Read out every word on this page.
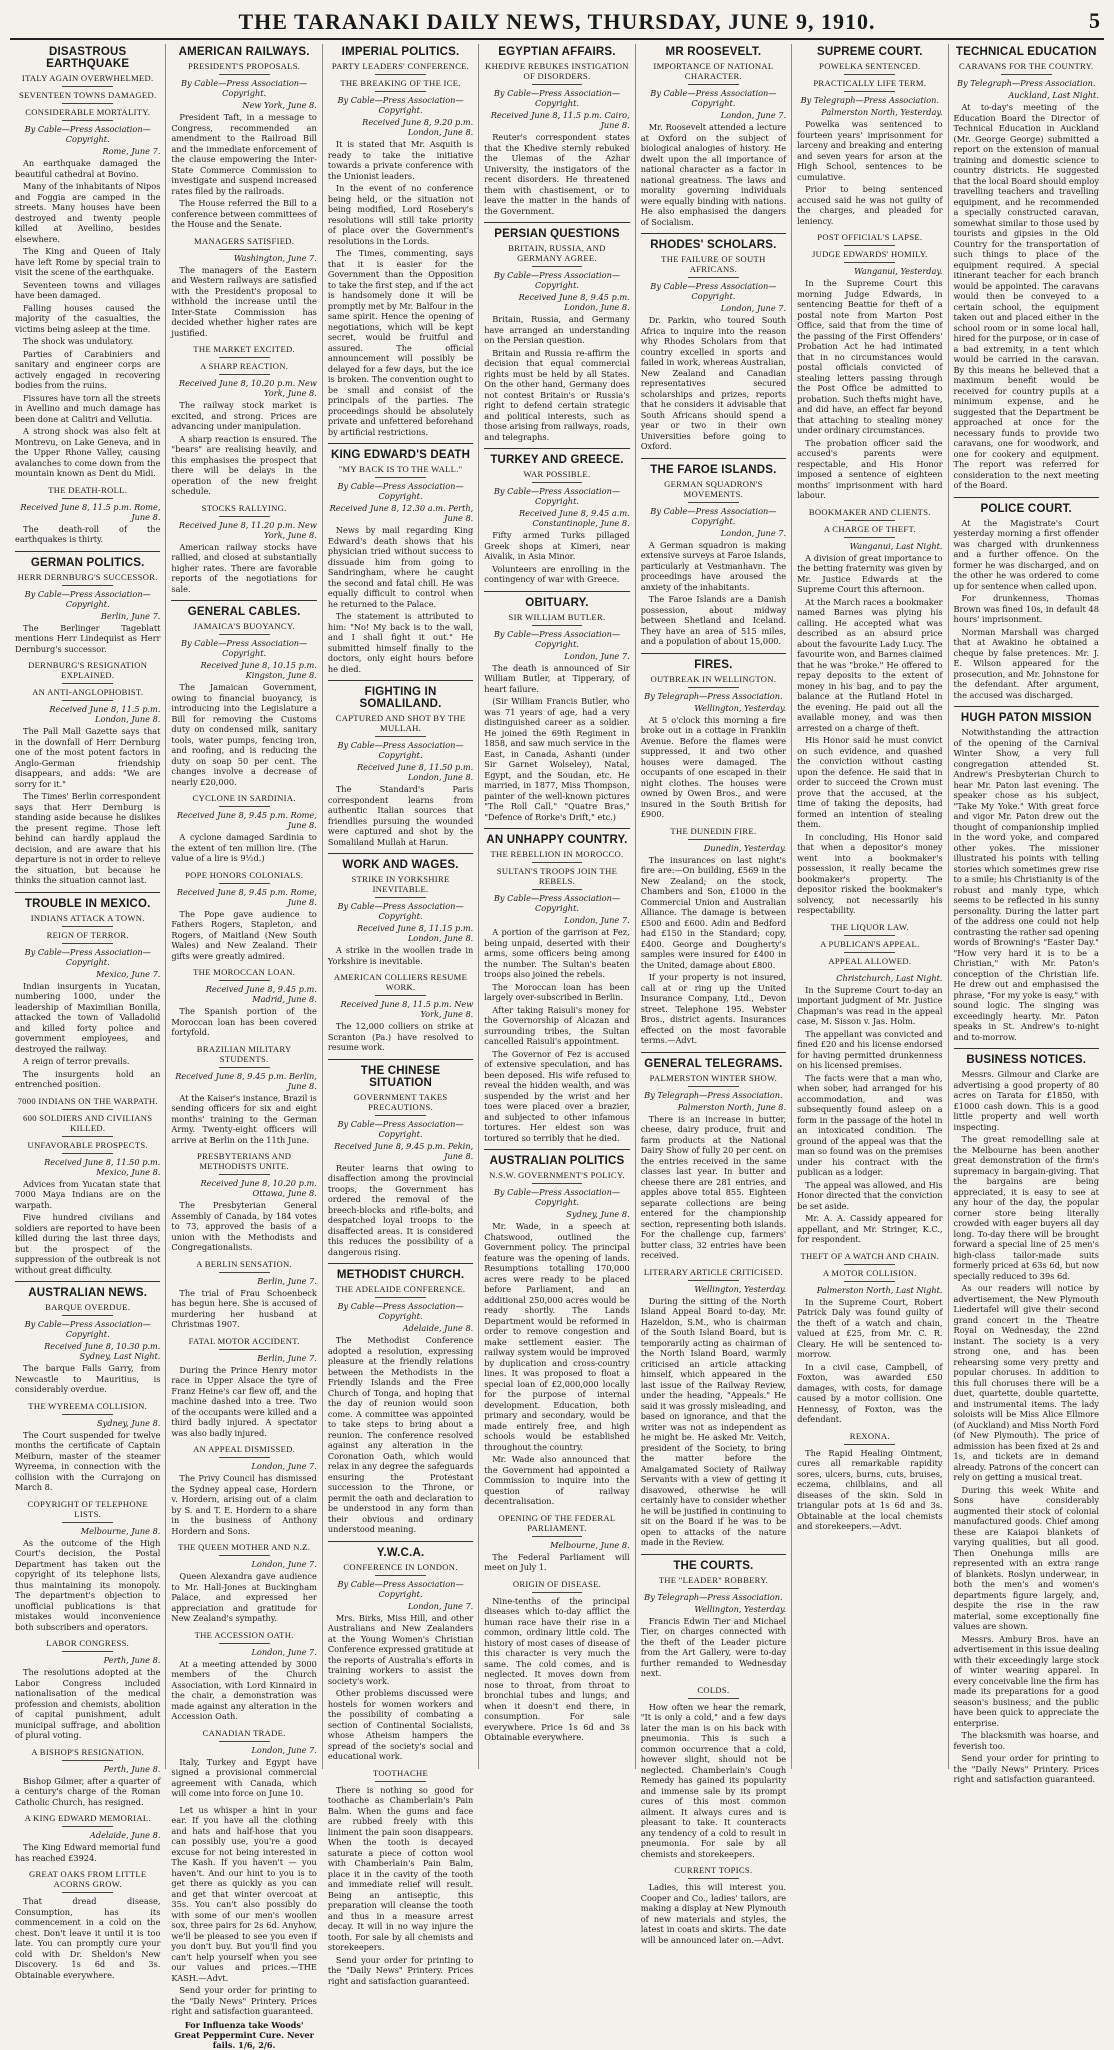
THE TARANAKI DAILY NEWS, THURSDAY, JUNE 9, 1910.	5
DISASTROUS EARTHQUAKE
ITALY AGAIN OVERWHELMED.
SEVENTEEN TOWNS DAMAGED.
CONSIDERABLE MORTALITY.
By Cable—Press Association—Copyright.
Rome, June 7.

An earthquake damaged the beautiful cathedral at Bovino.

Many of the inhabitants of Nipos and Foggia are camped in the streets. Many houses have been destroyed and twenty people killed at Avellino, besides elsewhere.

The King and Queen of Italy have left Rome by special train to visit the scene of the earthquake.

Seventeen towns and villages have been damaged.

Falling houses caused the majority of the casualties, the victims being asleep at the time.

The shock was undulatory.

Parties of Carabiniers and sanitary and engineer corps are actively engaged in recovering bodies from the ruins.

Fissures have torn all the streets in Avellino and much damage has been done at Calitri and Vellutia.

A strong shock was also felt at Montrevu, on Lake Geneva, and in the Upper Rhone Valley, causing avalanches to come down from the mountain known as Dent du Midi.

THE DEATH-ROLL.
Received June 8, 11.5 p.m. Rome, June 8.

The death-roll of the earthquakes is thirty.

GERMAN POLITICS.
HERR DERNBURG'S SUCCESSOR.
By Cable—Press Association—Copyright.
Berlin, June 7.

The Berlinger Tageblatt mentions Herr Lindequist as Herr Dernburg's successor.

DERNBURG'S RESIGNATION EXPLAINED.
AN ANTI-ANGLOPHOBIST.
Received June 8, 11.5 p.m. London, June 8.

The Pall Mall Gazette says that in the downfall of Herr Dernburg one of the most potent factors in Anglo-German friendship disappears, and adds: "We are sorry for it."

The Times' Berlin correspondent says that Herr Dernburg is standing aside because he dislikes the present regime. Those left behind can hardly applaud the decision, and are aware that his departure is not in order to relieve the situation, but because he thinks the situation cannot last.

TROUBLE IN MEXICO.
INDIANS ATTACK A TOWN.
REIGN OF TERROR.
By Cable—Press Association—Copyright.
Mexico, June 7.

Indian insurgents in Yucatan, numbering 1000, under the leadership of Maximilian Bonilla, attacked the town of Valladolid and killed forty police and government employees, and destroyed the railway.

A reign of terror prevails.

The insurgents hold an entrenched position.

7000 INDIANS ON THE WARPATH.
600 SOLDIERS AND CIVILIANS KILLED.
UNFAVORABLE PROSPECTS.
Received June 8, 11.50 p.m. Mexico, June 8.

Advices from Yucatan state that 7000 Maya Indians are on the warpath.

Five hundred civilians and soldiers are reported to have been killed during the last three days, but the prospect of the suppression of the outbreak is not without great difficulty.

AUSTRALIAN NEWS.
BARQUE OVERDUE.
By Cable—Press Association—Copyright.
Received June 8, 10.30 p.m. Sydney, Last Night.

The barque Falls Garry, from Newcastle to Mauritius, is considerably overdue.

THE WYREEMA COLLISION.
Sydney, June 8.

The Court suspended for twelve months the certificate of Captain Meiburn, master of the steamer Wyreema, in connection with the collision with the Currajong on March 8.

COPYRIGHT OF TELEPHONE LISTS.
Melbourne, June 8.

As the outcome of the High Court's decision, the Postal Department has taken out the copyright of its telephone lists, thus maintaining its monopoly. The department's objection to unofficial publications is that mistakes would inconvenience both subscribers and operators.

LABOR CONGRESS.
Perth, June 8.

The resolutions adopted at the Labor Congress included nationalisation of the medical profession and chemists, abolition of capital punishment, adult municipal suffrage, and abolition of plural voting.

A BISHOP'S RESIGNATION.
Perth, June 8.

Bishop Gilmer, after a quarter of a century's charge of the Roman Catholic Church, has resigned.

A KING EDWARD MEMORIAL.
Adelaide, June 8.

The King Edward memorial fund has reached £3924.

GREAT OAKS FROM LITTLE ACORNS GROW.

That dread disease, Consumption, has its commencement in a cold on the chest. Don't leave it until it is too late. You can promptly cure your cold with Dr. Sheldon's New Discovery. 1s 6d and 3s. Obtainable everywhere.

AMERICAN RAILWAYS.
PRESIDENT'S PROPOSALS.
By Cable—Press Association—Copyright.
New York, June 8.

President Taft, in a message to Congress, recommended an amendment to the Railroad Bill and the immediate enforcement of the clause empowering the Inter-State Commerce Commission to investigate and suspend increased rates filed by the railroads.

The House referred the Bill to a conference between committees of the House and the Senate.

MANAGERS SATISFIED.
Washington, June 7.

The managers of the Eastern and Western railways are satisfied with the President's proposal to withhold the increase until the Inter-State Commission has decided whether higher rates are justified.

THE MARKET EXCITED.
A SHARP REACTION.
Received June 8, 10.20 p.m. New York, June 8.

The railway stock market is excited, and strong. Prices are advancing under manipulation.

A sharp reaction is ensured. The "bears" are realising heavily, and this emphasises the prospect that there will be delays in the operation of the new freight schedule.

STOCKS RALLYING.
Received June 8, 11.20 p.m. New York, June 8.

American railway stocks have rallied, and closed at substantially higher rates. There are favorable reports of the negotiations for sale.

GENERAL CABLES.
JAMAICA'S BUOYANCY.
By Cable—Press Association—Copyright.
Received June 8, 10.15 p.m. Kingston, June 8.

The Jamaican Government, owing to financial buoyancy, is introducing into the Legislature a Bill for removing the Customs duty on condensed milk, sanitary tools, water pumps, fencing iron, and roofing, and is reducing the duty on soap 50 per cent. The changes involve a decrease of nearly £20,000.

CYCLONE IN SARDINIA.
Received June 8, 9.45 p.m. Rome, June 8.

A cyclone damaged Sardinia to the extent of ten million lire. (The value of a lire is 9½d.)

POPE HONORS COLONIALS.
Received June 8, 9.45 p.m. Rome, June 8.

The Pope gave audience to Fathers Rogers, Stapleton, and Rogers, of Maitland (New South Wales) and New Zealand. Their gifts were greatly admired.

THE MOROCCAN LOAN.
Received June 8, 9.45 p.m. Madrid, June 8.

The Spanish portion of the Moroccan loan has been covered fortyfold.

BRAZILIAN MILITARY STUDENTS.
Received June 8, 9.45 p.m. Berlin, June 8.

At the Kaiser's instance, Brazil is sending officers for six and eight months' training to the German Army. Twenty-eight officers will arrive at Berlin on the 11th June.

PRESBYTERIANS AND METHODISTS UNITE.
Received June 8, 10.20 p.m. Ottawa, June 8.

The Presbyterian General Assembly of Canada, by 184 votes to 73, approved the basis of a union with the Methodists and Congregationalists.

A BERLIN SENSATION.
Berlin, June 7.

The trial of Frau Schoenbeck has begun here. She is accused of murdering her husband at Christmas 1907.

FATAL MOTOR ACCIDENT.
Berlin, June 7.

During the Prince Henry motor race in Upper Alsace the tyre of Franz Heine's car flew off, and the machine dashed into a tree. Two of the occupants were killed and a third badly injured. A spectator was also badly injured.

AN APPEAL DISMISSED.
London, June 7.

The Privy Council has dismissed the Sydney appeal case, Hordern v. Hordern, arising out of a claim by S. and T. E. Hordern to a share in the business of Anthony Hordern and Sons.

THE QUEEN MOTHER AND N.Z.
London, June 7.

Queen Alexandra gave audience to Mr. Hall-Jones at Buckingham Palace, and expressed her appreciation and gratitude for New Zealand's sympathy.

THE ACCESSION OATH.
London, June 7.

At a meeting attended by 3000 members of the Church Association, with Lord Kinnaird in the chair, a demonstration was made against any alteration in the Accession Oath.

CANADIAN TRADE.
London, June 7.

Italy, Turkey and Egypt have signed a provisional commercial agreement with Canada, which will come into force on June 10.

Let us whisper a hint in your ear. If you have all the clothing and hats and half-hose that you can possibly use, you're a good excuse for not being interested in The Kash. If you haven't — you haven't. And our hint to you is to get there as quickly as you can and get that winter overcoat at 35s. You can't also possibly do with some of our men's woollen sox, three pairs for 2s 6d. Anyhow, we'll be pleased to see you even if you don't buy. But you'll find you can't help yourself when you see our values and prices.—THE KASH.—Advt.

Send your order for printing to the "Daily News" Printery. Prices right and satisfaction guaranteed.

For Influenza take Woods' Great Peppermint Cure. Never fails. 1/6, 2/6.
IMPERIAL POLITICS.
PARTY LEADERS' CONFERENCE.
THE BREAKING OF THE ICE.
By Cable—Press Association—Copyright.
Received June 8, 9.20 p.m. London, June 8.

It is stated that Mr. Asquith is ready to take the initiative towards a private conference with the Unionist leaders.

In the event of no conference being held, or the situation not being modified, Lord Rosebery's resolutions will still take priority of place over the Government's resolutions in the Lords.

The Times, commenting, says that it is easier for the Government than the Opposition to take the first step, and if the act is handsomely done it will be promptly met by Mr. Balfour in the same spirit. Hence the opening of negotiations, which will be kept secret, would be fruitful and assured. The official announcement will possibly be delayed for a few days, but the ice is broken. The convention ought to be small and consist of the principals of the parties. The proceedings should be absolutely private and unfettered beforehand by artificial restrictions.

KING EDWARD'S DEATH
"MY BACK IS TO THE WALL."
By Cable—Press Association—Copyright.
Received June 8, 12.30 a.m. Perth, June 8.

News by mail regarding King Edward's death shows that his physician tried without success to dissuade him from going to Sandringham, where he caught the second and fatal chill. He was equally difficult to control when he returned to the Palace.

The statement is attributed to him: "No! My back is to the wall, and I shall fight it out." He submitted himself finally to the doctors, only eight hours before he died.

FIGHTING IN SOMALILAND.
CAPTURED AND SHOT BY THE MULLAH.
By Cable—Press Association—Copyright.
Received June 8, 11.50 p.m. London, June 8.

The Standard's Paris correspondent learns from authentic Italian sources that friendlies pursuing the wounded were captured and shot by the Somaliland Mullah at Harun.

WORK AND WAGES.
STRIKE IN YORKSHIRE INEVITABLE.
By Cable—Press Association—Copyright.
Received June 8, 11.15 p.m. London, June 8.

A strike in the woollen trade in Yorkshire is inevitable.

AMERICAN COLLIERS RESUME WORK.
Received June 8, 11.5 p.m. New York, June 8.

The 12,000 colliers on strike at Scranton (Pa.) have resolved to resume work.

THE CHINESE SITUATION
GOVERNMENT TAKES PRECAUTIONS.
By Cable—Press Association—Copyright.
Received June 8, 9.45 p.m. Pekin, June 8.

Reuter learns that owing to disaffection among the provincial troops, the Government has ordered the removal of the breech-blocks and rifle-bolts, and despatched loyal troops to the disaffected areas. It is considered this reduces the possibility of a dangerous rising.

METHODIST CHURCH.
THE ADELAIDE CONFERENCE.
By Cable—Press Association—Copyright.
Adelaide, June 8.

The Methodist Conference adopted a resolution, expressing pleasure at the friendly relations between the Methodists in the Friendly Islands and the Free Church of Tonga, and hoping that the day of reunion would soon come. A committee was appointed to take steps to bring about a reunion. The conference resolved against any alteration in the Coronation Oath, which would relax in any degree the safeguards ensuring the Protestant succession to the Throne, or permit the oath and declaration to be understood in any form than their obvious and ordinary understood meaning.

Y.W.C.A.
CONFERENCE IN LONDON.
By Cable—Press Association—Copyright.
London, June 7.

Mrs. Birks, Miss Hill, and other Australians and New Zealanders at the Young Women's Christian Conference expressed gratitude at the reports of Australia's efforts in training workers to assist the society's work.

Other problems discussed were hostels for women workers and the possibility of combating a section of Continental Socialists, whose Atheism hampers the spread of the society's social and educational work.

TOOTHACHE

There is nothing so good for toothache as Chamberlain's Pain Balm. When the gums and face are rubbed freely with this liniment the pain soon disappears. When the tooth is decayed saturate a piece of cotton wool with Chamberlain's Pain Balm, place it in the cavity of the tooth and immediate relief will result. Being an antiseptic, this preparation will cleanse the tooth and thus in a measure arrest decay. It will in no way injure the tooth. For sale by all chemists and storekeepers.

Send your order for printing to the "Daily News" Printery. Prices right and satisfaction guaranteed.

EGYPTIAN AFFAIRS.
KHEDIVE REBUKES INSTIGATION OF DISORDERS.
By Cable—Press Association—Copyright.
Received June 8, 11.5 p.m. Cairo, June 8.

Reuter's correspondent states that the Khedive sternly rebuked the Ulemas of the Azhar University, the instigators of the recent disorders. He threatened them with chastisement, or to leave the matter in the hands of the Government.

PERSIAN QUESTIONS
BRITAIN, RUSSIA, AND GERMANY AGREE.
By Cable—Press Association—Copyright.
Received June 8, 9.45 p.m. London, June 8.

Britain, Russia, and Germany have arranged an understanding on the Persian question.

Britain and Russia re-affirm the decision that equal commercial rights must be held by all States. On the other hand, Germany does not contest Britain's or Russia's right to defend certain strategic and political interests, such as those arising from railways, roads, and telegraphs.

TURKEY AND GREECE.
WAR POSSIBLE.
By Cable—Press Association—Copyright.
Received June 8, 9.45 a.m. Constantinople, June 8.

Fifty armed Turks pillaged Greek shops at Kimeri, near Aivalik, in Asia Minor.

Volunteers are enrolling in the contingency of war with Greece.

OBITUARY.
SIR WILLIAM BUTLER.
By Cable—Press Association—Copyright.
London, June 7.

The death is announced of Sir William Butler, at Tipperary, of heart failure.

(Sir William Francis Butler, who was 71 years of age, had a very distinguished career as a soldier. He joined the 69th Regiment in 1858, and saw much service in the East, in Canada, Ashanti (under Sir Garnet Wolseley), Natal, Egypt, and the Soudan, etc. He married, in 1877, Miss Thompson, painter of the well-known pictures "The Roll Call," "Quatre Bras," "Defence of Rorke's Drift," etc.)

AN UNHAPPY COUNTRY.
THE REBELLION IN MOROCCO.
SULTAN'S TROOPS JOIN THE REBELS.
By Cable—Press Association—Copyright.
London, June 7.

A portion of the garrison at Fez, being unpaid, deserted with their arms, some officers being among the number. The Sultan's beaten troops also joined the rebels.

The Moroccan loan has been largely over-subscribed in Berlin.

After taking Raisuli's money for the Governorship of Alcazan and surrounding tribes, the Sultan cancelled Raisuli's appointment.

The Governor of Fez is accused of extensive speculation, and has been deposed. His wife refused to reveal the hidden wealth, and was suspended by the wrist and her toes were placed over a brazier, and subjected to other infamous tortures. Her eldest son was tortured so terribly that he died.

AUSTRALIAN POLITICS
N.S.W. GOVERNMENT'S POLICY.
By Cable—Press Association—Copyright.
Sydney, June 8.

Mr. Wade, in a speech at Chatswood, outlined the Government policy. The principal feature was the opening of lands. Resumptions totalling 170,000 acres were ready to be placed before Parliament, and an additional 250,000 acres would be ready shortly. The Lands Department would be reformed in order to remove congestion and make settlement easier. The railway system would be improved by duplication and cross-country lines. It was proposed to float a special loan of £2,000,000 locally for the purpose of internal development. Education, both primary and secondary, would be made entirely free, and high schools would be established throughout the country.

Mr. Wade also announced that the Government had appointed a Commission to inquire into the question of railway decentralisation.

OPENING OF THE FEDERAL PARLIAMENT.
Melbourne, June 8.

The Federal Parliament will meet on July 1.

ORIGIN OF DISEASE.

Nine-tenths of the principal diseases which to-day afflict the human race have their rise in a common, ordinary little cold. The history of most cases of disease of this character is very much the same. The cold comes, and is neglected. It moves down from nose to throat, from throat to bronchial tubes and lungs, and when it doesn't end there, in consumption. For sale everywhere. Price 1s 6d and 3s Obtainable everywhere.

MR ROOSEVELT.
IMPORTANCE OF NATIONAL CHARACTER.
By Cable—Press Association—Copyright.
London, June 7.

Mr. Roosevelt attended a lecture at Oxford on the subject of biological analogies of history. He dwelt upon the all importance of national character as a factor in national greatness. The laws and morality governing individuals were equally binding with nations. He also emphasised the dangers of Socialism.

RHODES' SCHOLARS.
THE FAILURE OF SOUTH AFRICANS.
By Cable—Press Association—Copyright.
London, June 7.

Dr. Parkin, who toured South Africa to inquire into the reason why Rhodes Scholars from that country excelled in sports and failed in work, whereas Australian, New Zealand and Canadian representatives secured scholarships and prizes, reports that he considers it advisable that South Africans should spend a year or two in their own Universities before going to Oxford.

THE FAROE ISLANDS.
GERMAN SQUADRON'S MOVEMENTS.
By Cable—Press Association—Copyright.
London, June 7.

A German squadron is making extensive surveys at Faroe Islands, particularly at Vestmanhavn. The proceedings have aroused the anxiety of the inhabitants.

The Faroe Islands are a Danish possession, about midway between Shetland and Iceland. They have an area of 515 miles, and a population of about 15,000.

FIRES.
OUTBREAK IN WELLINGTON.
By Telegraph—Press Association.
Wellington, Yesterday.

At 5 o'clock this morning a fire broke out in a cottage in Franklin Avenue. Before the flames were suppressed, it and two other houses were damaged. The occupants of one escaped in their night clothes. The houses were owned by Owen Bros., and were insured in the South British for £900.

THE DUNEDIN FIRE.
Dunedin, Yesterday.

The insurances on last night's fire are:—On building, £569 in the New Zealand; on the stock, Chambers and Son, £1000 in the Commercial Union and Australian Alliance. The damage is between £500 and £600. Adin and Bedford had £150 in the Standard; copy, £400. George and Dougherty's samples were insured for £400 in the United, damage about £800.

If your property is not insured, call at or ring up the United Insurance Company, Ltd., Devon street. Telephone 195. Webster Bros., district agents. Insurances effected on the most favorable terms.—Advt.

GENERAL TELEGRAMS.
PALMERSTON WINTER SHOW.
By Telegraph—Press Association.
Palmerston North, June 8.

There is an increase in butter, cheese, dairy produce, fruit and farm products at the National Dairy Show of fully 20 per cent. on the entries received in the same classes last year. In butter and cheese there are 281 entries, and apples above total 855. Eighteen separate collections are being entered for the championship section, representing both islands. For the challenge cup, farmers' butter class, 32 entries have been received.

LITERARY ARTICLE CRITICISED.
Wellington, Yesterday.

During the sitting of the North Island Appeal Board to-day, Mr. Hazeldon, S.M., who is chairman of the South Island Board, but is temporarily acting as chairman of the North Island Board, warmly criticised an article attacking himself, which appeared in the last issue of the Railway Review, under the heading, "Appeals." He said it was grossly misleading, and based on ignorance, and that the writer was not as independent as he might be. He asked Mr. Veitch, president of the Society, to bring the matter before the Amalgamated Society of Railway Servants with a view of getting it disavowed, otherwise he will certainly have to consider whether he will be justified in continuing to sit on the Board if he was to be open to attacks of the nature made in the Review.

THE COURTS.
THE "LEADER" ROBBERY.
By Telegraph—Press Association.
Wellington, Yesterday.

Francis Edwin Tier and Michael Tier, on charges connected with the theft of the Leader picture from the Art Gallery, were to-day further remanded to Wednesday next.

COLDS.

How often we hear the remark, "It is only a cold," and a few days later the man is on his back with pneumonia. This is such a common occurrence that a cold, however slight, should not be neglected. Chamberlain's Cough Remedy has gained its popularity and immense sale by its prompt cures of this most common ailment. It always cures and is pleasant to take. It counteracts any tendency of a cold to result in pneumonia. For sale by all chemists and storekeepers.

CURRENT TOPICS.

Ladies, this will interest you. Cooper and Co., ladies' tailors, are making a display at New Plymouth of new materials and styles, the latest in coats and skirts. The date will be announced later on.—Advt.

SUPREME COURT.
POWELKA SENTENCED.
PRACTICALLY LIFE TERM.
By Telegraph—Press Association.
Palmerston North, Yesterday.

Powelka was sentenced to fourteen years' imprisonment for larceny and breaking and entering and seven years for arson at the High School, sentences to be cumulative.

Prior to being sentenced accused said he was not guilty of the charges, and pleaded for leniency.

POST OFFICIAL'S LAPSE.
JUDGE EDWARDS' HOMILY.
Wanganui, Yesterday.

In the Supreme Court this morning Judge Edwards, in sentencing Beattie for theft of a postal note from Marton Post Office, said that from the time of the passing of the First Offenders' Probation Act he had intimated that in no circumstances would postal officials convicted of stealing letters passing through the Post Office be admitted to probation. Such thefts might have, and did have, an effect far beyond that attaching to stealing money under ordinary circumstances.

The probation officer said the accused's parents were respectable, and His Honor imposed a sentence of eighteen months' imprisonment with hard labour.

BOOKMAKER AND CLIENTS.
A CHARGE OF THEFT.
Wanganui, Last Night.

A division of great importance to the betting fraternity was given by Mr. Justice Edwards at the Supreme Court this afternoon.

At the March races a bookmaker named Barnes was plying his calling. He accepted what was described as an absurd price about the favourite Lady Lucy. The favourite won, and Barnes claimed that he was "broke." He offered to repay deposits to the extent of money in his bag, and to pay the balance at the Rutland Hotel in the evening. He paid out all the available money, and was then arrested on a charge of theft.

His Honor said he must convict on such evidence, and quashed the conviction without casting upon the defence. He said that in order to succeed the Crown must prove that the accused, at the time of taking the deposits, had formed an intention of stealing them.

In concluding, His Honor said that when a depositor's money went into a bookmaker's possession, it really became the bookmaker's property. The depositor risked the bookmaker's solvency, not necessarily his respectability.

THE LIQUOR LAW.
A PUBLICAN'S APPEAL.
APPEAL ALLOWED.
Christchurch, Last Night.

In the Supreme Court to-day an important judgment of Mr. Justice Chapman's was read in the appeal case, M. Sisson v. Jas. Holm.

The appellant was convicted and fined £20 and his license endorsed for having permitted drunkenness on his licensed premises.

The facts were that a man who, when sober, had arranged for his accommodation, and was subsequently found asleep on a form in the passage of the hotel in an intoxicated condition. The ground of the appeal was that the man so found was on the premises under his contract with the publican as a lodger.

The appeal was allowed, and His Honor directed that the conviction be set aside.

Mr. A. A. Cassidy appeared for appellant, and Mr. Stringer, K.C., for respondent.

THEFT OF A WATCH AND CHAIN.
A MOTOR COLLISION.
Palmerston North, Last Night.

In the Supreme Court, Robert Patrick Daly was found guilty of the theft of a watch and chain, valued at £25, from Mr. C. R. Cleary. He will be sentenced to-morrow.

In a civil case, Campbell, of Foxton, was awarded £50 damages, with costs, for damage caused by a motor collision. One Hennessy, of Foxton, was the defendant.

REXONA.

The Rapid Healing Ointment, cures all remarkable rapidity sores, ulcers, burns, cuts, bruises, eczema, chilblains, and all diseases of the skin. Sold in triangular pots at 1s 6d and 3s. Obtainable at the local chemists and storekeepers.—Advt.

TECHNICAL EDUCATION
CARAVANS FOR THE COUNTRY.
By Telegraph—Press Association.
Auckland, Last Night.

At to-day's meeting of the Education Board the Director of Technical Education in Auckland (Mr. George George) submitted a report on the extension of manual training and domestic science to country districts. He suggested that the local Board should employ travelling teachers and travelling equipment, and he recommended a specially constructed caravan, somewhat similar to those used by tourists and gipsies in the Old Country for the transportation of such things to place of the equipment required. A special itinerant teacher for each branch would be appointed. The caravans would then be conveyed to a certain school, the equipment taken out and placed either in the school room or in some local hall, hired for the purpose, or in case of a bad extremity, in a tent which would be carried in the caravan. By this means he believed that a maximum benefit would be received for country pupils at a minimum expense, and he suggested that the Department be approached at once for the necessary funds to provide two caravans, one for woodwork, and one for cookery and equipment. The report was referred for consideration to the next meeting of the Board.

POLICE COURT.

At the Magistrate's Court yesterday morning a first offender was charged with drunkenness and a further offence. On the former he was discharged, and on the other he was ordered to come up for sentence when called upon.

For drunkenness, Thomas Brown was fined 10s, in default 48 hours' imprisonment.

Norman Marshall was charged that at Awakino he obtained a cheque by false pretences. Mr. J. E. Wilson appeared for the prosecution, and Mr. Johnstone for the defendant. After argument, the accused was discharged.

HUGH PATON MISSION

Notwithstanding the attraction of the opening of the Carnival Winter Show, a very full congregation attended St. Andrew's Presbyterian Church to hear Mr. Paton last evening. The speaker chose as his subject, "Take My Yoke." With great force and vigor Mr. Paton drew out the thought of companionship implied in the word yoke, and compared other yokes. The missioner illustrated his points with telling stories which sometimes grew rise to a smile; his Christianity is of the robust and manly type, which seems to be reflected in his sunny personality. During the latter part of the address one could not help contrasting the rather sad opening words of Browning's "Easter Day." "How very hard it is to be a Christian," with Mr. Paton's conception of the Christian life. He drew out and emphasised the phrase, "For my yoke is easy," with sound logic. The singing was exceedingly hearty. Mr. Paton speaks in St. Andrew's to-night and to-morrow.

BUSINESS NOTICES.

Messrs. Gilmour and Clarke are advertising a good property of 80 acres on Tarata for £1850, with £1000 cash down. This is a good little property and well worth inspecting.

The great remodelling sale at the Melbourne has been another great demonstration of the firm's supremacy in bargain-giving. That the bargains are being appreciated, it is easy to see at any hour of the day, the popular corner store being literally crowded with eager buyers all day long. To-day there will be brought forward a special line of 25 men's high-class tailor-made suits formerly priced at 63s 6d, but now specially reduced to 39s 6d.

As our readers will notice by advertisement, the New Plymouth Liedertafel will give their second grand concert in the Theatre Royal on Wednesday, the 22nd instant. The society is a very strong one, and has been rehearsing some very pretty and popular choruses. In addition to this full choruses there will be a duet, quartette, double quartette, and instrumental items. The lady soloists will be Miss Alice Ellmore (of Auckland) and Miss North Ford (of New Plymouth). The price of admission has been fixed at 2s and 1s, and tickets are in demand already. Patrons of the concert can rely on getting a musical treat.

During this week White and Sons have considerably augmented their stock of colonial manufactured goods. Chief among these are Kaiapoi blankets of varying qualities, but all good. Then Onehunga mills are represented with an extra range of blankets. Roslyn underwear, in both the men's and women's departments figure largely, and, despite the rise in the raw material, some exceptionally fine values are shown.

Messrs. Ambury Bros. have an advertisement in this issue dealing with their exceedingly large stock of winter wearing apparel. In every conceivable line the firm has made its preparations for a good season's business, and the public have been quick to appreciate the enterprise.

The blacksmith was hoarse, and feverish too.

Send your order for printing to the "Daily News" Printery. Prices right and satisfaction guaranteed.
